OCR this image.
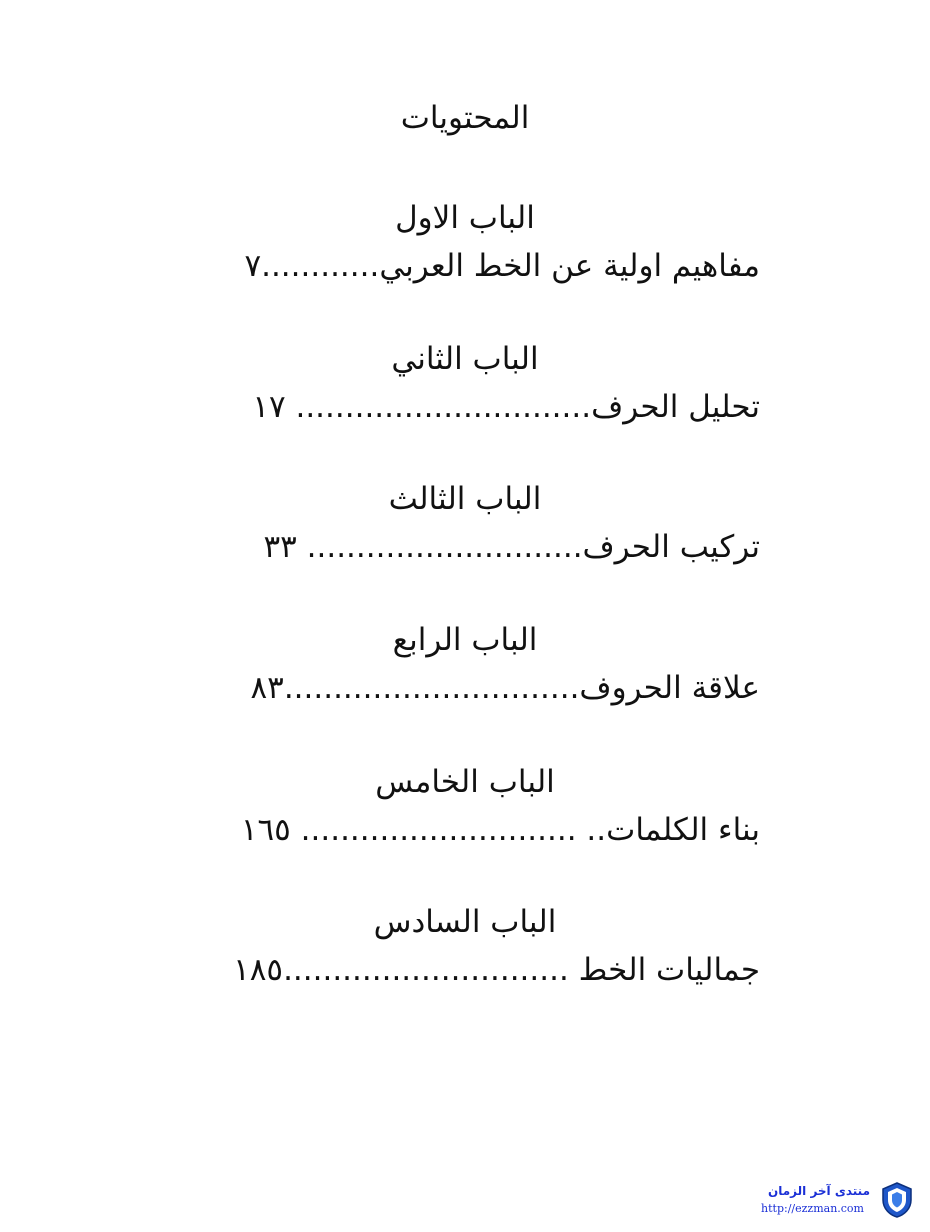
المحتويات
الباب الاول
مفاهيم اولية عن الخط العربي............٧
الباب الثاني
تحليل الحرف.............................. ١٧
الباب الثالث
تركيب الحرف............................ ٣٣
الباب الرابع
علاقة الحروف..............................٨٣
الباب الخامس
بناء الكلمات.. ............................ ١٦٥
الباب السادس
جماليات الخط .............................١٨٥
منتدى آخر الزمان
http://ezzman.com
